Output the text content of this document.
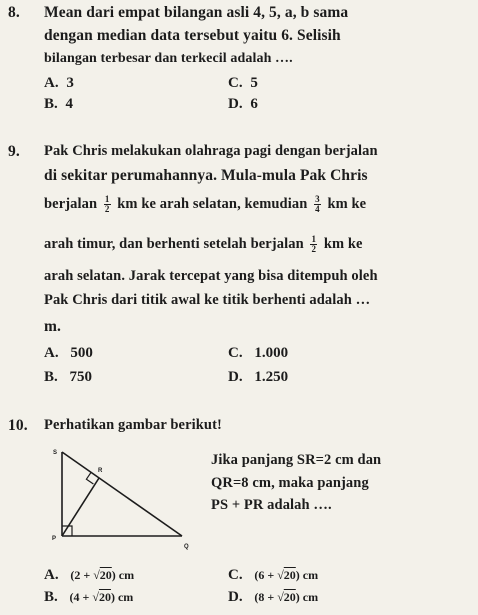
8. Mean dari empat bilangan asli 4, 5, a, b sama
dengan median data tersebut yaitu 6. Selisih
bilangan terbesar dan terkecil adalah ….
A. 3
B. 4
C. 5
D. 6
9. Pak Chris melakukan olahraga pagi dengan berjalan
di sekitar perumahannya. Mula-mula Pak Chris
berjalan $\frac{1}{2}$ km ke arah selatan, kemudian $\frac{3}{4}$ km ke
arah timur, dan berhenti setelah berjalan $\frac{1}{2}$ km ke
arah selatan. Jarak tercepat yang bisa ditempuh oleh
Pak Chris dari titik awal ke titik berhenti adalah …
m.
A. 500
B. 750
C. 1.000
D. 1.250
10. Perhatikan gambar berikut!
S
R
P
Q
Jika panjang SR=2 cm dan
QR=8 cm, maka panjang
PS + PR adalah ….
A. (2 + √20) cm
B. (4 + √20) cm
C. (6 + √20) cm
D. (8 + √20) cm
